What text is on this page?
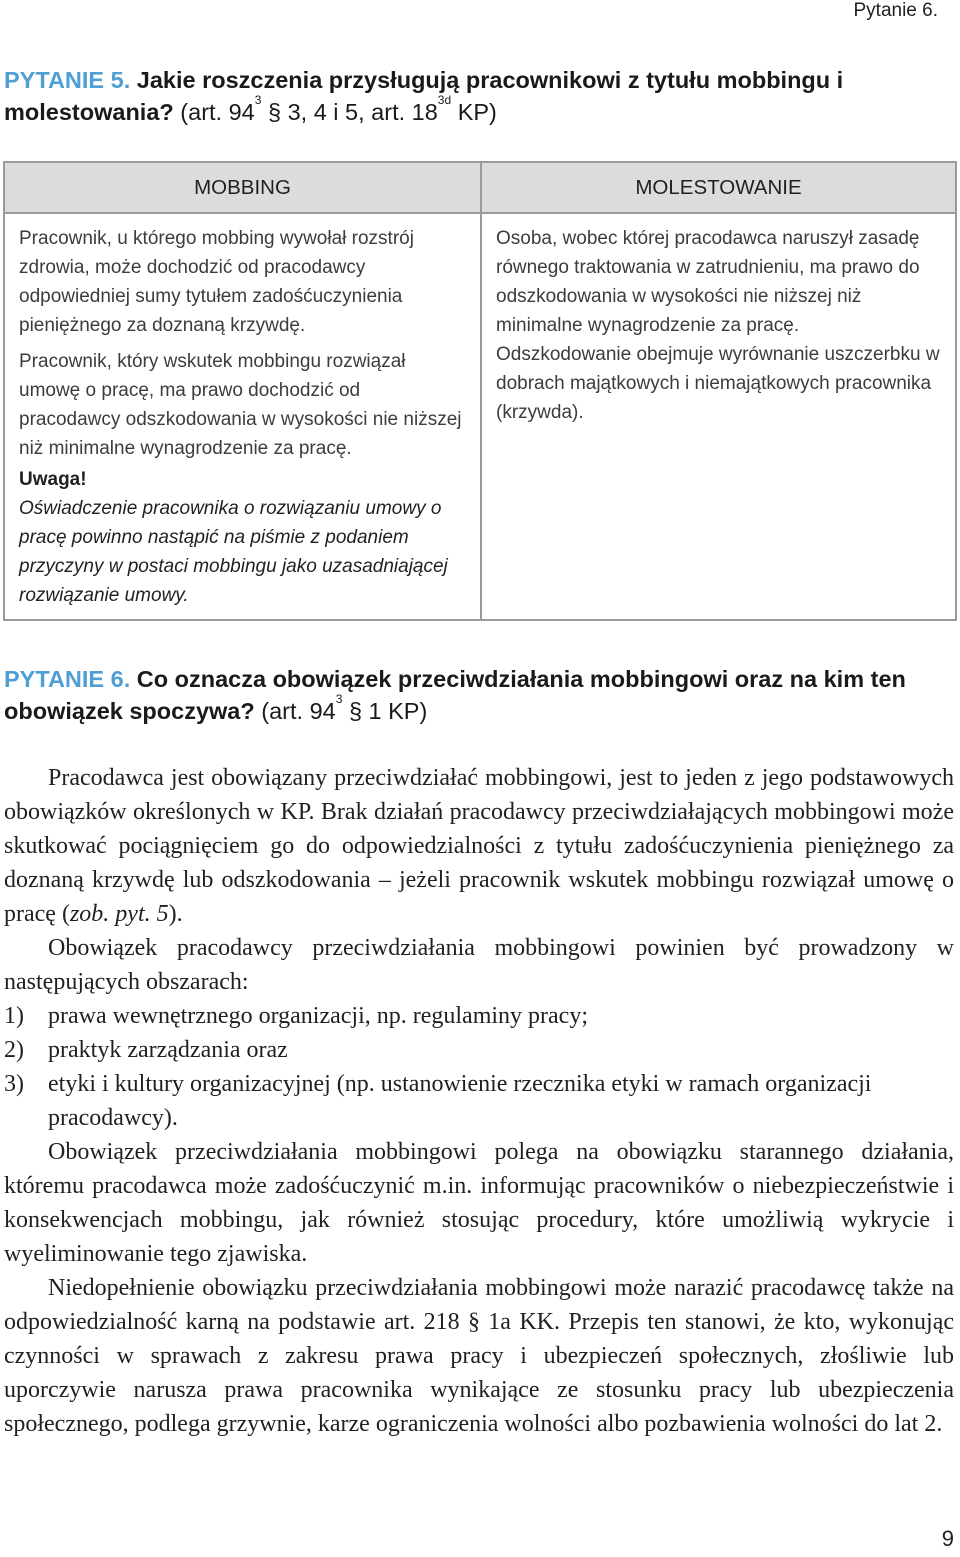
Pytanie 6.
PYTANIE 5. Jakie roszczenia przysługują pracownikowi z tytułu mobbingu i molestowania? (art. $94^3$ § 3, 4 i 5, art. $18^{3d}$ KP)
MOBBING

Pracownik, u którego mobbing wywołał rozstrój zdrowia, może dochodzić od pracodawcy odpowiedniej sumy tytułem zadośćuczynienia pieniężnego za doznaną krzywdę.

Pracownik, który wskutek mobbingu rozwiązał umowę o pracę, ma prawo dochodzić od pracodawcy odszkodowania w wysokości nie niższej niż minimalne wynagrodzenie za pracę.

Uwaga!

Oświadczenie pracownika o rozwiązaniu umowy o pracę powinno nastąpić na piśmie z podaniem przyczyny w postaci mobbingu jako uzasadniającej rozwiązanie umowy.

MOLESTOWANIE

Osoba, wobec której pracodawca naruszył zasadę równego traktowania w zatrudnieniu, ma prawo do odszkodowania w wysokości nie niższej niż minimalne wynagrodzenie za pracę.

Odszkodowanie obejmuje wyrównanie uszczerbku w dobrach majątkowych i niemajątkowych pracownika (krzywda).

PYTANIE 6. Co oznacza obowiązek przeciwdziałania mobbingowi oraz na kim ten obowiązek spoczywa? (art. $94^3$ § 1 KP)

Pracodawca jest obowiązany przeciwdziałać mobbingowi, jest to jeden z jego podstawowych obowiązków określonych w KP. Brak działań pracodawcy przeciwdziałających mobbingowi może skutkować pociągnięciem go do odpowiedzialności z tytułu zadośćuczynienia pieniężnego za doznaną krzywdę lub odszkodowania – jeżeli pracownik wskutek mobbingu rozwiązał umowę o pracę (zob. pyt. 5).

Obowiązek pracodawcy przeciwdziałania mobbingowi powinien być prowadzony w następujących obszarach:

1) prawa wewnętrznego organizacji, np. regulaminy pracy;
2) praktyk zarządzania oraz
3) etyki i kultury organizacyjnej (np. ustanowienie rzecznika etyki w ramach organizacji pracodawcy).

Obowiązek przeciwdziałania mobbingowi polega na obowiązku starannego działania, któremu pracodawca może zadośćuczynić m.in. informując pracowników o niebezpieczeństwie i konsekwencjach mobbingu, jak również stosując procedury, które umożliwią wykrycie i wyeliminowanie tego zjawiska.

Niedopełnienie obowiązku przeciwdziałania mobbingowi może narazić pracodawcę także na odpowiedzialność karną na podstawie art. 218 § 1a KK. Przepis ten stanowi, że kto, wykonując czynności w sprawach z zakresu prawa pracy i ubezpieczeń społecznych, złośliwie lub uporczywie narusza prawa pracownika wynikające ze stosunku pracy lub ubezpieczenia społecznego, podlega grzywnie, karze ograniczenia wolności albo pozbawienia wolności do lat 2.

9
